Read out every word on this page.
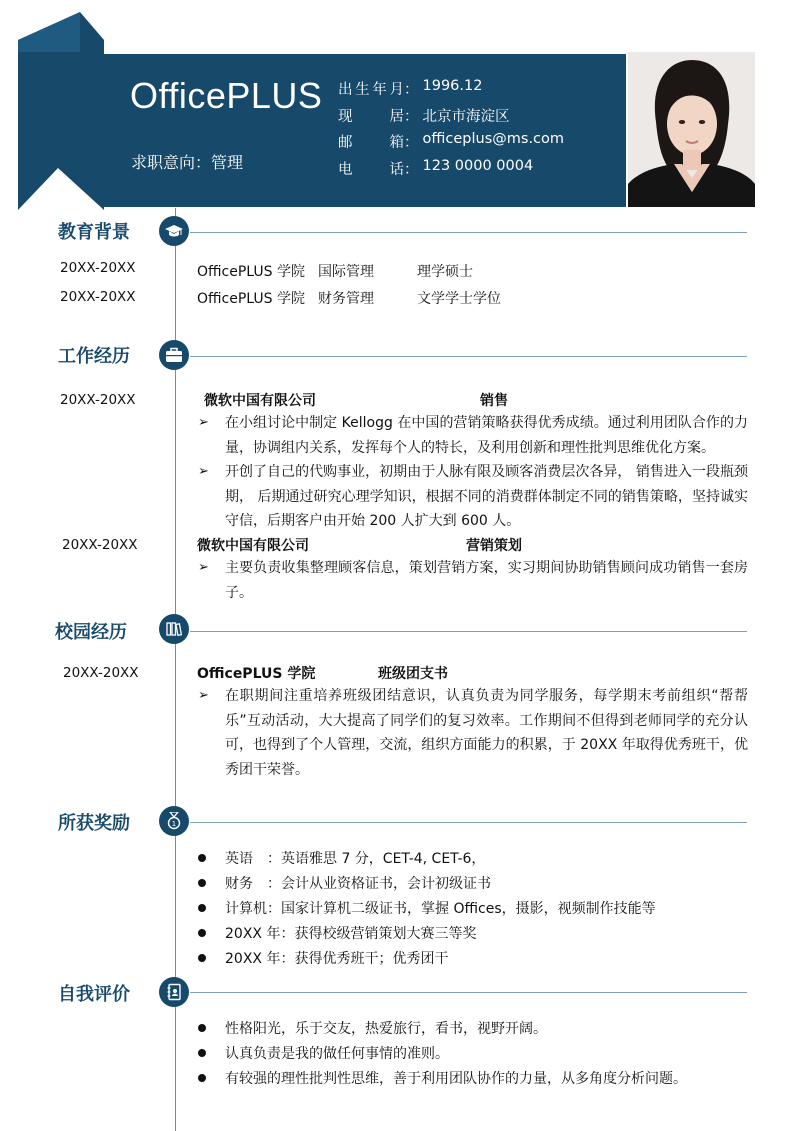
OfficePLUS
求职意向：管理
出 生 年 月 ： 1996.12
现	居 ： 北京市海淀区
邮	箱 ： officeplus@ms.com
电	话 ： 123 0000 0004
教育背景
20XX-20XX	OfficePLUS 学院 国际管理	理学硕士
20XX-20XX	OfficePLUS 学院 财务管理	文学学士学位
工作经历
20XX-20XX	微软中国有限公司	销售
➢ 在小组讨论中制定 Kellogg 在中国的营销策略获得优秀成绩。通过利用团队合作的力量，协调组内关系，发挥每个人的特长，及利用创新和理性批判思维优化方案。
➢ 开创了自己的代购事业，初期由于人脉有限及顾客消费层次各异， 销售进入一段瓶颈期， 后期通过研究心理学知识，根据不同的消费群体制定不同的销售策略，坚持诚实守信，后期客户由开始 200 人扩大到 600 人。
20XX-20XX	微软中国有限公司	营销策划
➢ 主要负责收集整理顾客信息，策划营销方案，实习期间协助销售顾问成功销售一套房子。
校园经历
20XX-20XX	OfficePLUS 学院	班级团支书
➢ 在职期间注重培养班级团结意识，认真负责为同学服务，每学期末考前组织“帮帮乐”互动活动，大大提高了同学们的复习效率。工作期间不但得到老师同学的充分认可，也得到了个人管理，交流，组织方面能力的积累，于 20XX 年取得优秀班干，优秀团干荣誉。
所获奖励	1
英语　：英语雅思 7 分，CET-4, CET-6，
财务　：会计从业资格证书，会计初级证书
计算机：国家计算机二级证书，掌握 Offices，摄影，视频制作技能等
20XX 年：获得校级营销策划大赛三等奖
20XX 年：获得优秀班干；优秀团干
自我评价
性格阳光，乐于交友，热爱旅行，看书，视野开阔。
认真负责是我的做任何事情的准则。
有较强的理性批判性思维，善于利用团队协作的力量，从多角度分析问题。
